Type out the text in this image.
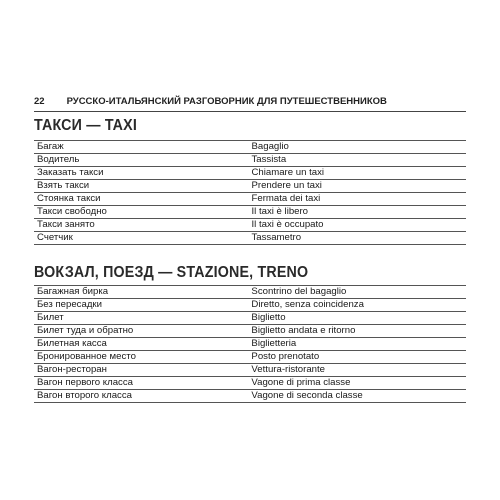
22 РУССКО-ИТАЛЬЯНСКИЙ РАЗГОВОРНИК ДЛЯ ПУТЕШЕСТВЕННИКОВ
ТАКСИ — TAXI
Багаж	Bagaglio
Водитель	Tassista
Заказать такси	Chiamare un taxi
Взять такси	Prendere un taxi
Стоянка такси	Fermata dei taxi
Такси свободно	Il taxi è libero
Такси занято	Il taxi è occupato
Счетчик	Tassametro
ВОКЗАЛ, ПОЕЗД — STAZIONE, TRENO
Багажная бирка	Scontrino del bagaglio
Без пересадки	Diretto, senza coincidenza
Билет	Biglietto
Билет туда и обратно	Biglietto andata e ritorno
Билетная касса	Biglietteria
Бронированное место	Posto prenotato
Вагон-ресторан	Vettura-ristorante
Вагон первого класса	Vagone di prima classe
Вагон второго класса	Vagone di seconda classe
